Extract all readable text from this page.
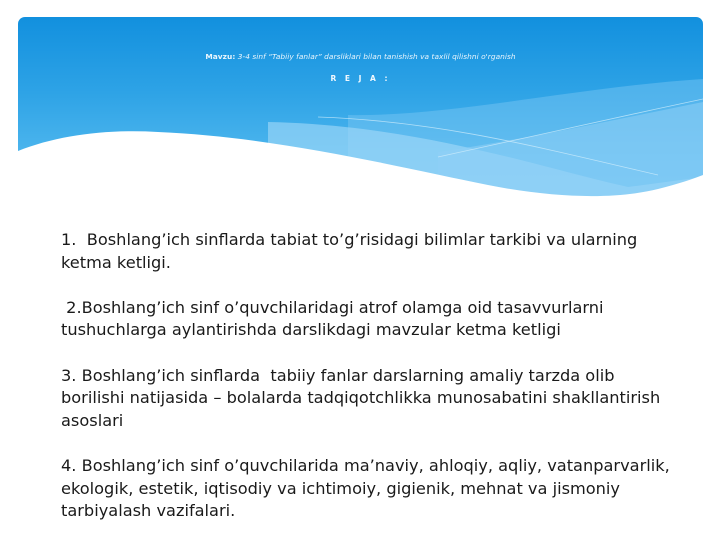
Mavzu: 3-4 sinf “Tabiiy fanlar” darsliklari bilan tanishish va taxlil qilishni o'rganish
R E J A :
1.  Boshlang’ich sinflarda tabiat to’g’risidagi bilimlar tarkibi va ularning ketma ketligi.
2.Boshlang’ich sinf o’quvchilaridagi atrof olamga oid tasavvurlarni tushuchlarga aylantirishda darslikdagi mavzular ketma ketligi
3. Boshlang’ich sinflarda  tabiiy fanlar darslarning amaliy tarzda olib borilishi natijasida – bolalarda tadqiqotchlikka munosabatini shakllantirish asoslari
4. Boshlang’ich sinf o’quvchilarida ma’naviy, ahloqiy, aqliy, vatanparvarlik, ekologik, estetik, iqtisodiy va ichtimoiy, gigienik, mehnat va jismoniy tarbiyalash vazifalari.
